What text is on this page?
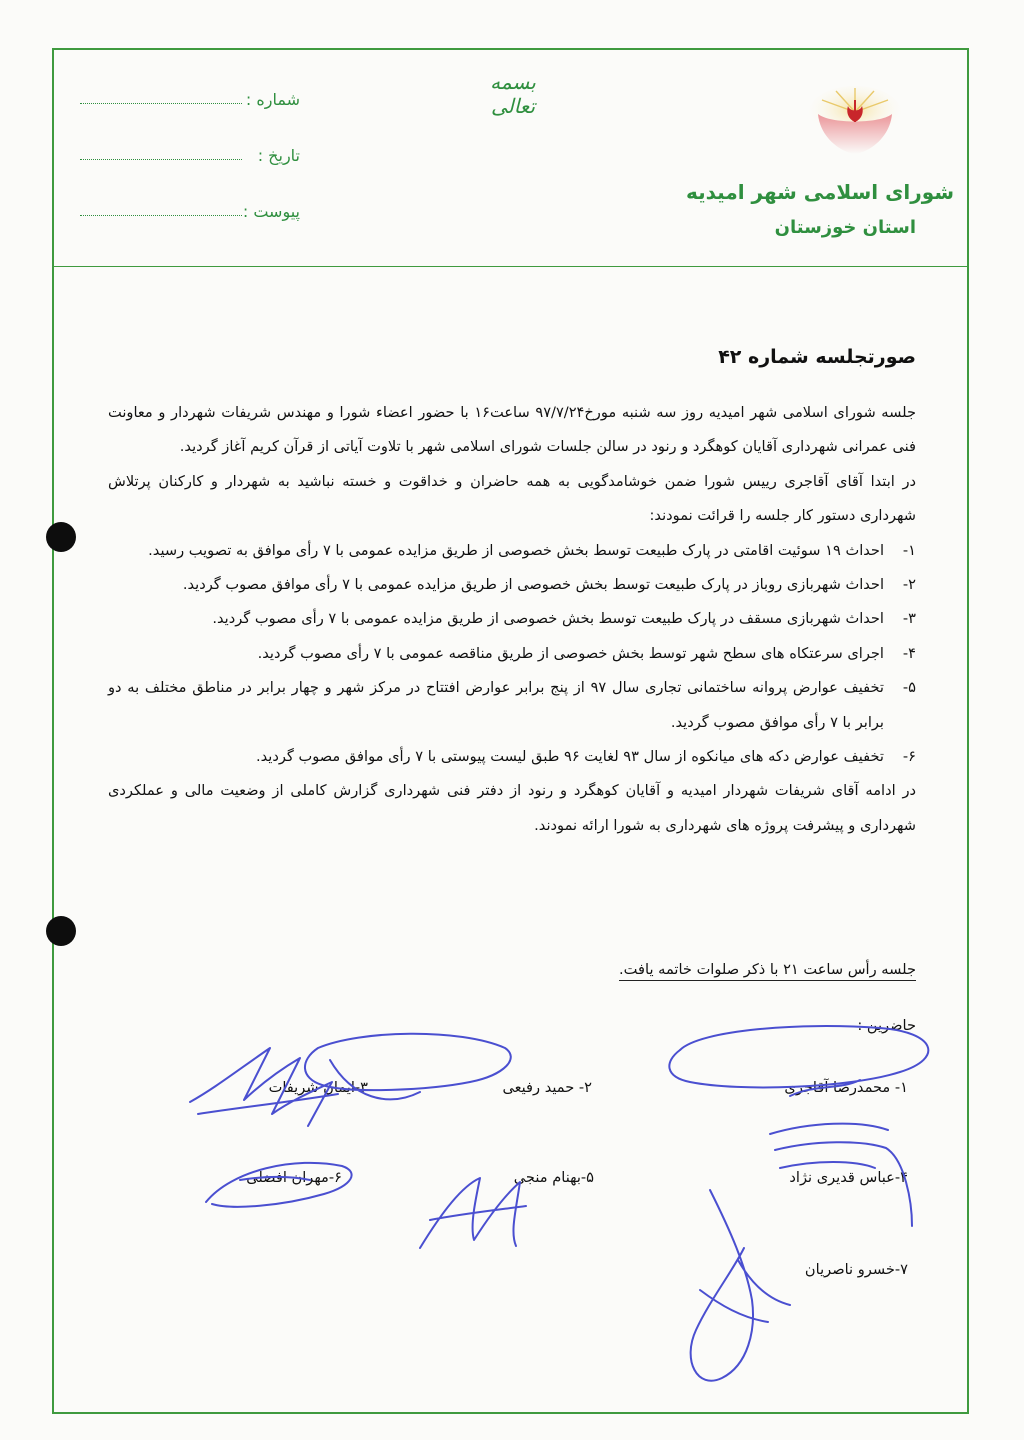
شماره :
تاریخ :
پیوست :
بسمه تعالی
شورای اسلامی شهر امیدیه
استان خوزستان
صورتجلسه شماره ۴۲

جلسه شورای اسلامی شهر امیدیه روز سه شنبه مورخ۹۷/۷/۲۴ ساعت۱۶ با حضور اعضاء شورا و مهندس شریفات شهردار و معاونت فنی عمرانی شهرداری آقایان کوهگرد و رنود در سالن جلسات شورای اسلامی شهر با تلاوت آیاتی از قرآن کریم آغاز گردید.

در ابتدا آقای آقاجری رییس شورا ضمن خوشامدگویی به همه حاضران و خداقوت و خسته نباشید به شهردار و کارکنان پرتلاش شهرداری دستور کار جلسه را قرائت نمودند:

۱-
احداث ۱۹ سوئیت اقامتی در پارک طبیعت توسط بخش خصوصی از طریق مزایده عمومی با ۷ رأی موافق به تصویب رسید.
۲-
احداث شهربازی روباز در پارک طبیعت توسط بخش خصوصی از طریق مزایده عمومی با ۷ رأی موافق مصوب گردید.
۳-
احداث شهربازی مسقف در پارک طبیعت توسط بخش خصوصی از طریق مزایده عمومی با ۷ رأی مصوب گردید.
۴-
اجرای سرعتکاه های سطح شهر توسط بخش خصوصی از طریق مناقصه عمومی با ۷ رأی مصوب گردید.
۵-
تخفیف عوارض پروانه ساختمانی تجاری سال ۹۷ از پنج برابر عوارض افتتاح در مرکز شهر و چهار برابر در مناطق مختلف به دو برابر با ۷ رأی موافق مصوب گردید.
۶-
تخفیف عوارض دکه های میانکوه از سال ۹۳ لغایت ۹۶ طبق لیست پیوستی با ۷ رأی موافق مصوب گردید.

در ادامه آقای شریفات شهردار امیدیه و آقایان کوهگرد و رنود از دفتر فنی شهرداری گزارش کاملی از وضعیت مالی و عملکردی شهرداری و پیشرفت پروژه های شهرداری به شورا ارائه نمودند.

جلسه رأس ساعت ۲۱ با ذکر صلوات خاتمه یافت.
حاضرین :
۱- محمدرضا آقاجری
۲- حمید رفیعی
۳-ایمان شریفات
۴-عباس قدیری نژاد
۵-بهنام منجی
۶-مهران افضلی
۷-خسرو ناصریان
